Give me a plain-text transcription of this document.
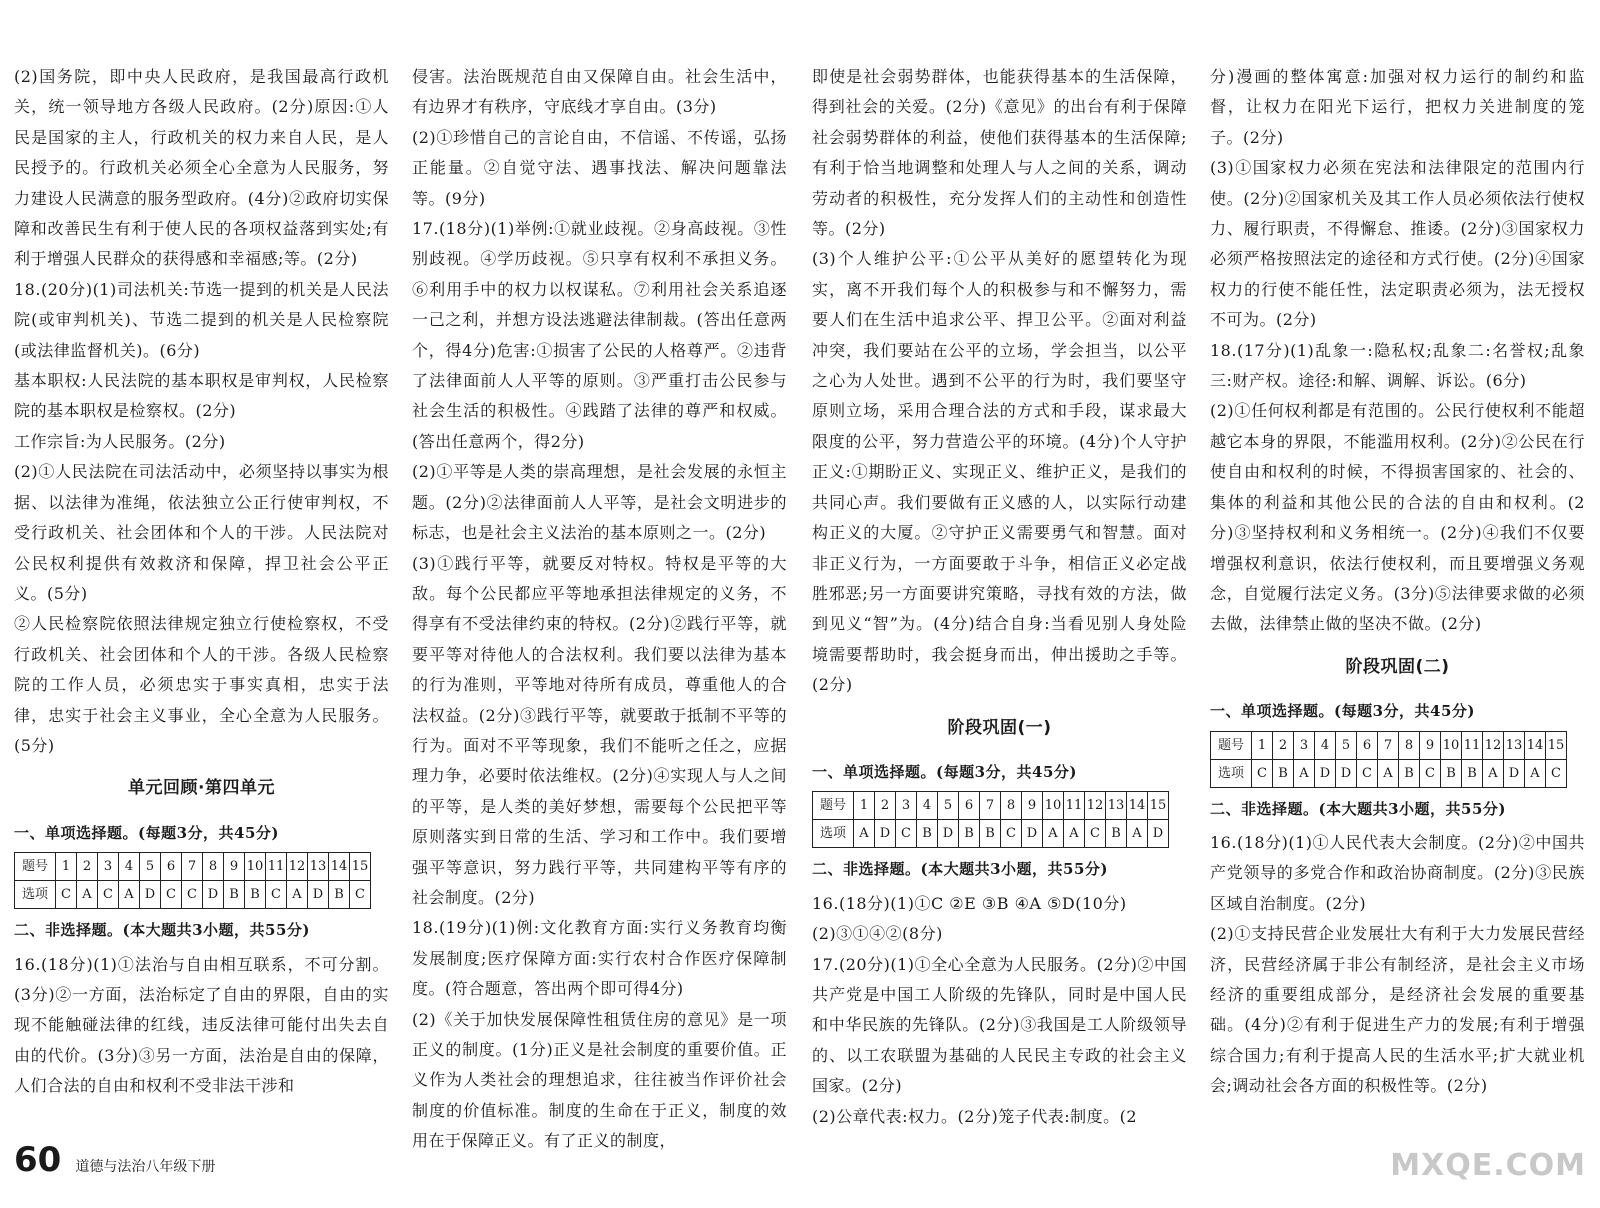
(2)国务院，即中央人民政府，是我国最高行政机关，统一领导地方各级人民政府。(2分)原因:①人民是国家的主人，行政机关的权力来自人民，是人民授予的。行政机关必须全心全意为人民服务，努力建设人民满意的服务型政府。(4分)②政府切实保障和改善民生有利于使人民的各项权益落到实处;有利于增强人民群众的获得感和幸福感;等。(2分)

18.(20分)(1)司法机关:节选一提到的机关是人民法院(或审判机关)、节选二提到的机关是人民检察院(或法律监督机关)。(6分)

基本职权:人民法院的基本职权是审判权，人民检察院的基本职权是检察权。(2分)

工作宗旨:为人民服务。(2分)

(2)①人民法院在司法活动中，必须坚持以事实为根据、以法律为准绳，依法独立公正行使审判权，不受行政机关、社会团体和个人的干涉。人民法院对公民权利提供有效救济和保障，捍卫社会公平正义。(5分)

②人民检察院依照法律规定独立行使检察权，不受行政机关、社会团体和个人的干涉。各级人民检察院的工作人员，必须忠实于事实真相，忠实于法律，忠实于社会主义事业，全心全意为人民服务。(5分)

单元回顾·第四单元
一、单项选择题。(每题3分，共45分)
题号	1	2	3	4	5	6	7	8	9	10	11	12	13	14	15
选项	C	A	C	A	D	C	C	D	B	B	C	A	D	B	C
二、非选择题。(本大题共3小题，共55分)

16.(18分)(1)①法治与自由相互联系，不可分割。(3分)②一方面，法治标定了自由的界限，自由的实现不能触碰法律的红线，违反法律可能付出失去自由的代价。(3分)③另一方面，法治是自由的保障，人们合法的自由和权利不受非法干涉和

侵害。法治既规范自由又保障自由。社会生活中，有边界才有秩序，守底线才享自由。(3分)

(2)①珍惜自己的言论自由，不信谣、不传谣，弘扬正能量。②自觉守法、遇事找法、解决问题靠法等。(9分)

17.(18分)(1)举例:①就业歧视。②身高歧视。③性别歧视。④学历歧视。⑤只享有权利不承担义务。⑥利用手中的权力以权谋私。⑦利用社会关系追逐一己之利，并想方设法逃避法律制裁。(答出任意两个，得4分)危害:①损害了公民的人格尊严。②违背了法律面前人人平等的原则。③严重打击公民参与社会生活的积极性。④践踏了法律的尊严和权威。(答出任意两个，得2分)

(2)①平等是人类的崇高理想，是社会发展的永恒主题。(2分)②法律面前人人平等，是社会文明进步的标志，也是社会主义法治的基本原则之一。(2分)

(3)①践行平等，就要反对特权。特权是平等的大敌。每个公民都应平等地承担法律规定的义务，不得享有不受法律约束的特权。(2分)②践行平等，就要平等对待他人的合法权利。我们要以法律为基本的行为准则，平等地对待所有成员，尊重他人的合法权益。(2分)③践行平等，就要敢于抵制不平等的行为。面对不平等现象，我们不能听之任之，应据理力争，必要时依法维权。(2分)④实现人与人之间的平等，是人类的美好梦想，需要每个公民把平等原则落实到日常的生活、学习和工作中。我们要增强平等意识，努力践行平等，共同建构平等有序的社会制度。(2分)

18.(19分)(1)例:文化教育方面:实行义务教育均衡发展制度;医疗保障方面:实行农村合作医疗保障制度。(符合题意，答出两个即可得4分)

(2)《关于加快发展保障性租赁住房的意见》是一项正义的制度。(1分)正义是社会制度的重要价值。正义作为人类社会的理想追求，往往被当作评价社会制度的价值标准。制度的生命在于正义，制度的效用在于保障正义。有了正义的制度，

即使是社会弱势群体，也能获得基本的生活保障，得到社会的关爱。(2分)《意见》的出台有利于保障社会弱势群体的利益，使他们获得基本的生活保障;有利于恰当地调整和处理人与人之间的关系，调动劳动者的积极性，充分发挥人们的主动性和创造性等。(2分)

(3)个人维护公平:①公平从美好的愿望转化为现实，离不开我们每个人的积极参与和不懈努力，需要人们在生活中追求公平、捍卫公平。②面对利益冲突，我们要站在公平的立场，学会担当，以公平之心为人处世。遇到不公平的行为时，我们要坚守原则立场，采用合理合法的方式和手段，谋求最大限度的公平，努力营造公平的环境。(4分)个人守护正义:①期盼正义、实现正义、维护正义，是我们的共同心声。我们要做有正义感的人，以实际行动建构正义的大厦。②守护正义需要勇气和智慧。面对非正义行为，一方面要敢于斗争，相信正义必定战胜邪恶;另一方面要讲究策略，寻找有效的方法，做到见义“智”为。(4分)结合自身:当看见别人身处险境需要帮助时，我会挺身而出，伸出援助之手等。(2分)

阶段巩固(一)
一、单项选择题。(每题3分，共45分)
题号	1	2	3	4	5	6	7	8	9	10	11	12	13	14	15
选项	A	D	C	B	D	B	B	C	D	A	A	C	B	A	D
二、非选择题。(本大题共3小题，共55分)

16.(18分)(1)①C ②E ③B ④A ⑤D(10分)

(2)③①④②(8分)

17.(20分)(1)①全心全意为人民服务。(2分)②中国共产党是中国工人阶级的先锋队，同时是中国人民和中华民族的先锋队。(2分)③我国是工人阶级领导的、以工农联盟为基础的人民民主专政的社会主义国家。(2分)

(2)公章代表:权力。(2分)笼子代表:制度。(2

分)漫画的整体寓意:加强对权力运行的制约和监督，让权力在阳光下运行，把权力关进制度的笼子。(2分)

(3)①国家权力必须在宪法和法律限定的范围内行使。(2分)②国家机关及其工作人员必须依法行使权力、履行职责，不得懈怠、推诿。(2分)③国家权力必须严格按照法定的途径和方式行使。(2分)④国家权力的行使不能任性，法定职责必须为，法无授权不可为。(2分)

18.(17分)(1)乱象一:隐私权;乱象二:名誉权;乱象三:财产权。途径:和解、调解、诉讼。(6分)

(2)①任何权利都是有范围的。公民行使权利不能超越它本身的界限，不能滥用权利。(2分)②公民在行使自由和权利的时候，不得损害国家的、社会的、集体的利益和其他公民的合法的自由和权利。(2分)③坚持权利和义务相统一。(2分)④我们不仅要增强权利意识，依法行使权利，而且要增强义务观念，自觉履行法定义务。(3分)⑤法律要求做的必须去做，法律禁止做的坚决不做。(2分)

阶段巩固(二)
一、单项选择题。(每题3分，共45分)
题号	1	2	3	4	5	6	7	8	9	10	11	12	13	14	15
选项	C	B	A	D	D	C	A	B	C	B	B	A	D	A	C
二、非选择题。(本大题共3小题，共55分)

16.(18分)(1)①人民代表大会制度。(2分)②中国共产党领导的多党合作和政治协商制度。(2分)③民族区域自治制度。(2分)

(2)①支持民营企业发展壮大有利于大力发展民营经济，民营经济属于非公有制经济，是社会主义市场经济的重要组成部分，是经济社会发展的重要基础。(4分)②有利于促进生产力的发展;有利于增强综合国力;有利于提高人民的生活水平;扩大就业机会;调动社会各方面的积极性等。(2分)

60 道德与法治八年级下册	MXQE.COM
